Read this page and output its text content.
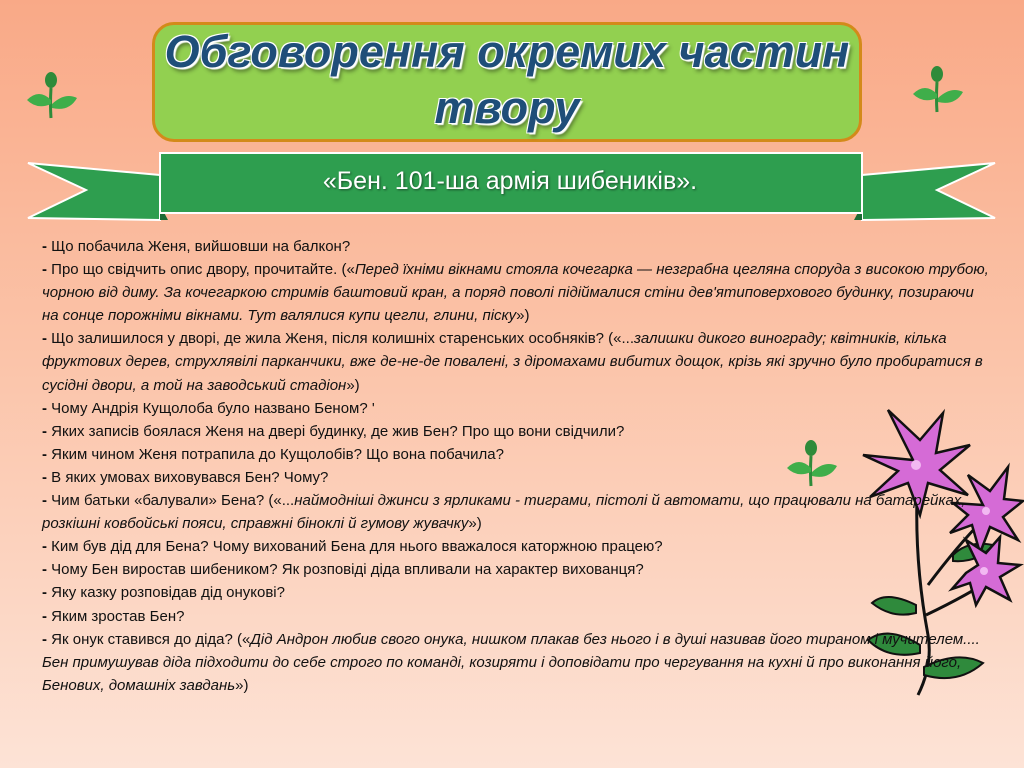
Обговорення окремих частин твору

«Бен. 101-ша армія шибеників».

- Що побачила Женя, вийшовши на балкон?
- Про що свідчить опис двору, прочитайте. («Перед їхніми вікнами стояла кочегарка — незграбна цегляна споруда з високою трубою, чорною від диму. За кочегаркою стримів баштовий кран, а поряд поволі підіймалися стіни дев'ятиповерхового будинку, позираючи на сонце порожніми вікнами. Тут валялися купи цегли, глини, піску»)
- Що залишилося у дворі, де жила Женя, після колишніх старенських особняків? («...залишки дикого винограду; квітників, кілька фруктових дерев, струхлявілі парканчики, вже де-не-де повалені, з діромахами вибитих дощок, крізь які зручно було пробиратися в сусідні двори, а той на заводський стадіон»)
- Чому Андрія Кущолоба було названо Беном? '
- Яких записів боялася Женя на дверi будинку, де жив Бен? Про що вони свідчили?
- Яким чином Женя потрапила до Кущолобів? Що вона побачила?
- В яких умовах виховувався Бен? Чому?
- Чим батьки «балували» Бена? («...наймодніші джинси з ярликами - тиграми, пістолі й автомати, що працювали на батарейках, розкішні ковбойські пояси, справжні біноклі й гумову жувачку»)
- Ким був дід для Бена? Чому вихований Бена для нього вважалося каторжною працею?
- Чому Бен виростав шибеником? Як розповіді діда впливали на характер вихованця?
- Яку казку розповідав дід онукові?
- Яким зростав Бен?
- Як онук ставився до діда? («Дід Андрон любив свого онука, нишком плакав без нього і в душі називав його тираном і мучителем.... Бен примушував діда підходити до себе строго по команді, козиряти і доповідати про чергування на кухні й про виконання його, Бенових, домашніх завдань»)
